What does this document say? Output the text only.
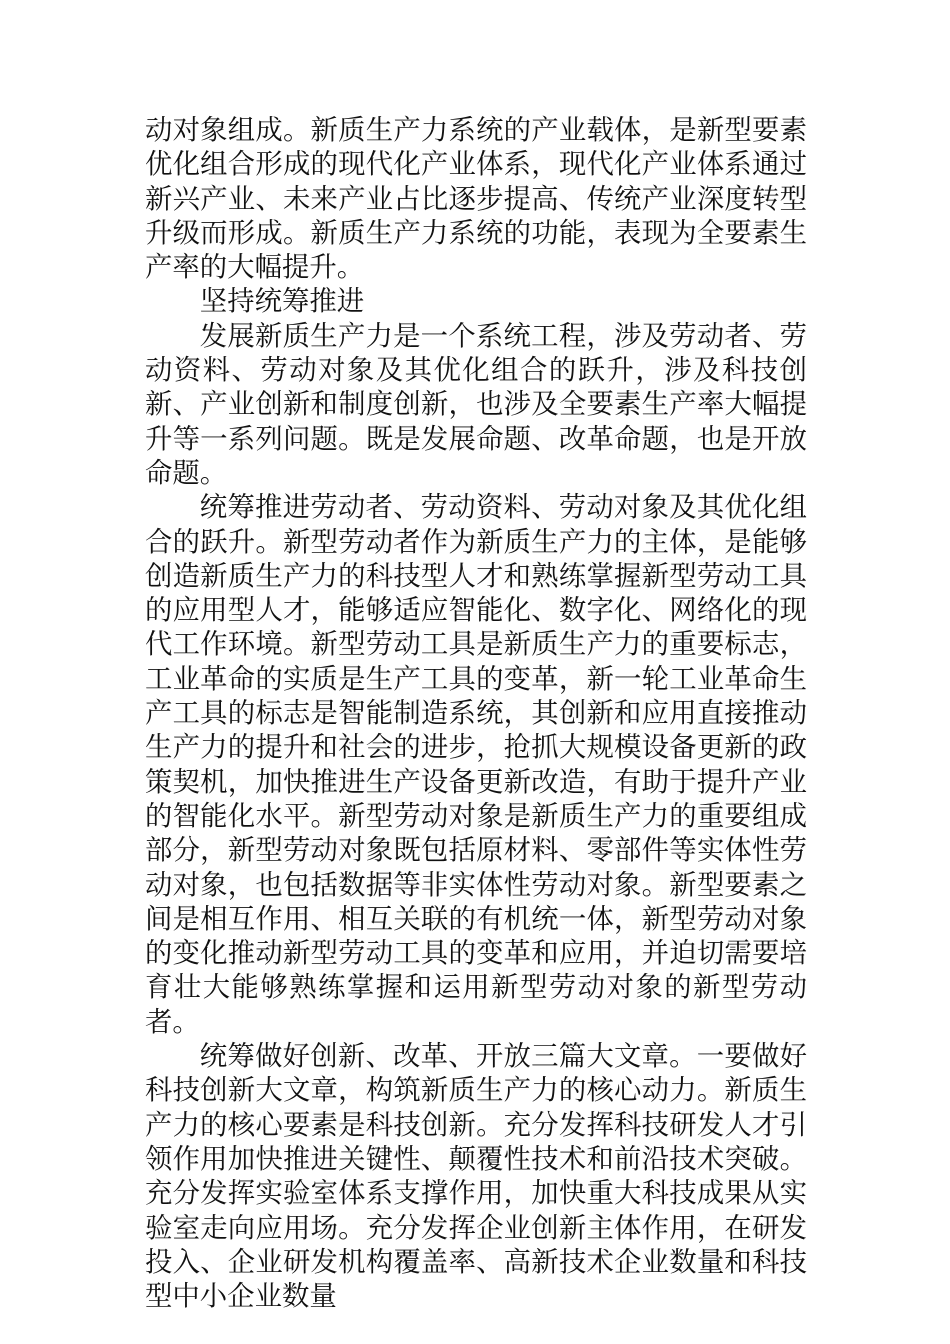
动对象组成。新质生产力系统的产业载体，是新型要素优化组合形成的现代化产业体系，现代化产业体系通过新兴产业、未来产业占比逐步提高、传统产业深度转型升级而形成。新质生产力系统的功能，表现为全要素生产率的大幅提升。

坚持统筹推进

发展新质生产力是一个系统工程，涉及劳动者、劳动资料、劳动对象及其优化组合的跃升，涉及科技创新、产业创新和制度创新，也涉及全要素生产率大幅提升等一系列问题。既是发展命题、改革命题，也是开放命题。

统筹推进劳动者、劳动资料、劳动对象及其优化组合的跃升。新型劳动者作为新质生产力的主体，是能够创造新质生产力的科技型人才和熟练掌握新型劳动工具的应用型人才，能够适应智能化、数字化、网络化的现代工作环境。新型劳动工具是新质生产力的重要标志，工业革命的实质是生产工具的变革，新一轮工业革命生产工具的标志是智能制造系统，其创新和应用直接推动生产力的提升和社会的进步，抢抓大规模设备更新的政策契机，加快推进生产设备更新改造，有助于提升产业的智能化水平。新型劳动对象是新质生产力的重要组成部分，新型劳动对象既包括原材料、零部件等实体性劳动对象，也包括数据等非实体性劳动对象。新型要素之间是相互作用、相互关联的有机统一体，新型劳动对象的变化推动新型劳动工具的变革和应用，并迫切需要培育壮大能够熟练掌握和运用新型劳动对象的新型劳动者。

统筹做好创新、改革、开放三篇大文章。一要做好科技创新大文章，构筑新质生产力的核心动力。新质生产力的核心要素是科技创新。充分发挥科技研发人才引领作用加快推进关键性、颠覆性技术和前沿技术突破。充分发挥实验室体系支撑作用，加快重大科技成果从实验室走向应用场。充分发挥企业创新主体作用，在研发投入、企业研发机构覆盖率、高新技术企业数量和科技型中小企业数量
